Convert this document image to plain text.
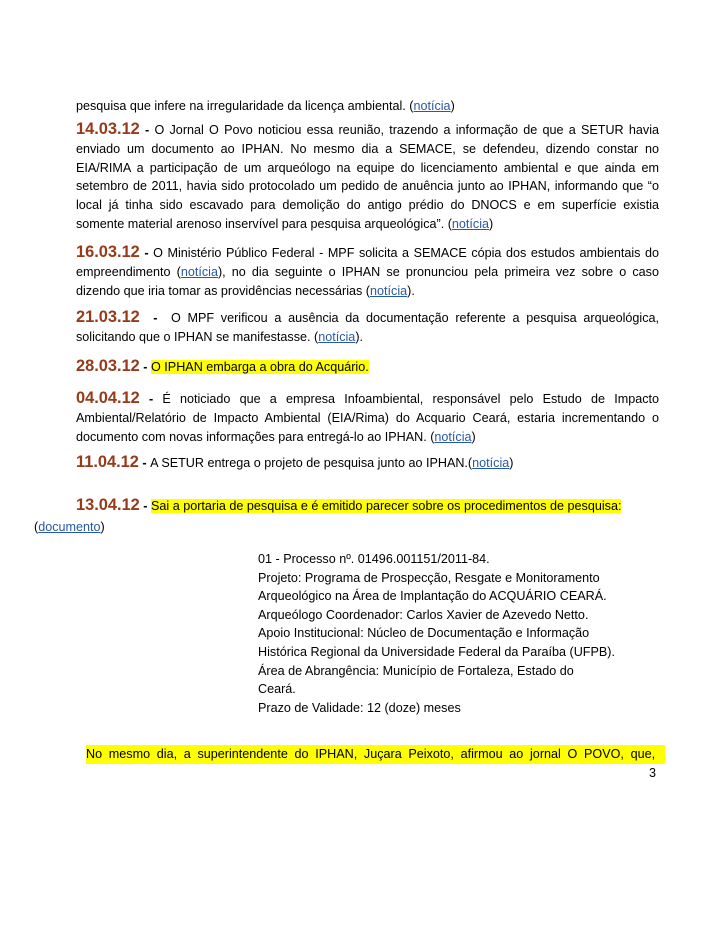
pesquisa que infere na irregularidade da licença ambiental. (notícia)

14.03.12 - O Jornal O Povo noticiou essa reunião, trazendo a informação de que a SETUR havia enviado um documento ao IPHAN. No mesmo dia a SEMACE, se defendeu, dizendo constar no EIA/RIMA a participação de um arqueólogo na equipe do licenciamento ambiental e que ainda em setembro de 2011, havia sido protocolado um pedido de anuência junto ao IPHAN, informando que “o local já tinha sido escavado para demolição do antigo prédio do DNOCS e em superfície existia somente material arenoso inservível para pesquisa arqueológica”. (notícia)

16.03.12 - O Ministério Público Federal - MPF solicita a SEMACE cópia dos estudos ambientais do empreendimento (notícia), no dia seguinte o IPHAN se pronunciou pela primeira vez sobre o caso dizendo que iria tomar as providências necessárias (notícia).

21.03.12  -  O MPF verificou a ausência da documentação referente a pesquisa arqueológica, solicitando que o IPHAN se manifestasse. (notícia).

28.03.12 - O IPHAN embarga a obra do Acquário.

04.04.12 - É noticiado que a empresa Infoambiental, responsável pelo Estudo de Impacto Ambiental/Relatório de Impacto Ambiental (EIA/Rima) do Acquario Ceará, estaria incrementando o documento com novas informações para entregá-lo ao IPHAN. (notícia)

11.04.12 - A SETUR entrega o projeto de pesquisa junto ao IPHAN.(notícia)

13.04.12 - Sai a portaria de pesquisa e é emitido parecer sobre os procedimentos de pesquisa:

(documento)

01 - Processo nº. 01496.001151/2011-84.
Projeto: Programa de Prospecção, Resgate e Monitoramento
Arqueológico na Área de Implantação do ACQUÁRIO CEARÁ.
Arqueólogo Coordenador: Carlos Xavier de Azevedo Netto.
Apoio Institucional: Núcleo de Documentação e Informação
Histórica Regional da Universidade Federal da Paraíba (UFPB).
Área de Abrangência: Município de Fortaleza, Estado do
Ceará.
Prazo de Validade: 12 (doze) meses

No mesmo dia, a superintendente do IPHAN, Juçara Peixoto, afirmou ao jornal O POVO, que,

3
